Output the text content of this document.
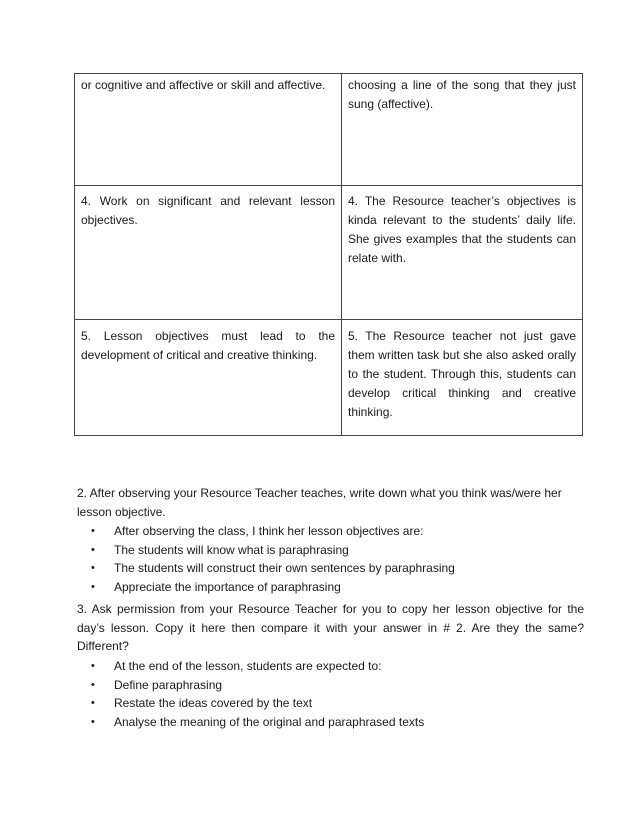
or cognitive and affective or skill and affective.	choosing a line of the song that they just sung (affective).
4. Work on significant and relevant lesson objectives.	4. The Resource teacher’s objectives is kinda relevant to the students’ daily life. She gives examples that the students can relate with.
5. Lesson objectives must lead to the development of critical and creative thinking.	5. The Resource teacher not just gave them written task but she also asked orally to the student. Through this, students can develop critical thinking and creative thinking.
2. After observing your Resource Teacher teaches, write down what you think was/were her lesson objective.
• After observing the class, I think her lesson objectives are:
• The students will know what is paraphrasing
• The students will construct their own sentences by paraphrasing
• Appreciate the importance of paraphrasing
3. Ask permission from your Resource Teacher for you to copy her lesson objective for the day’s lesson. Copy it here then compare it with your answer in # 2. Are they the same? Different?
• At the end of the lesson, students are expected to:
• Define paraphrasing
• Restate the ideas covered by the text
• Analyse the meaning of the original and paraphrased texts
